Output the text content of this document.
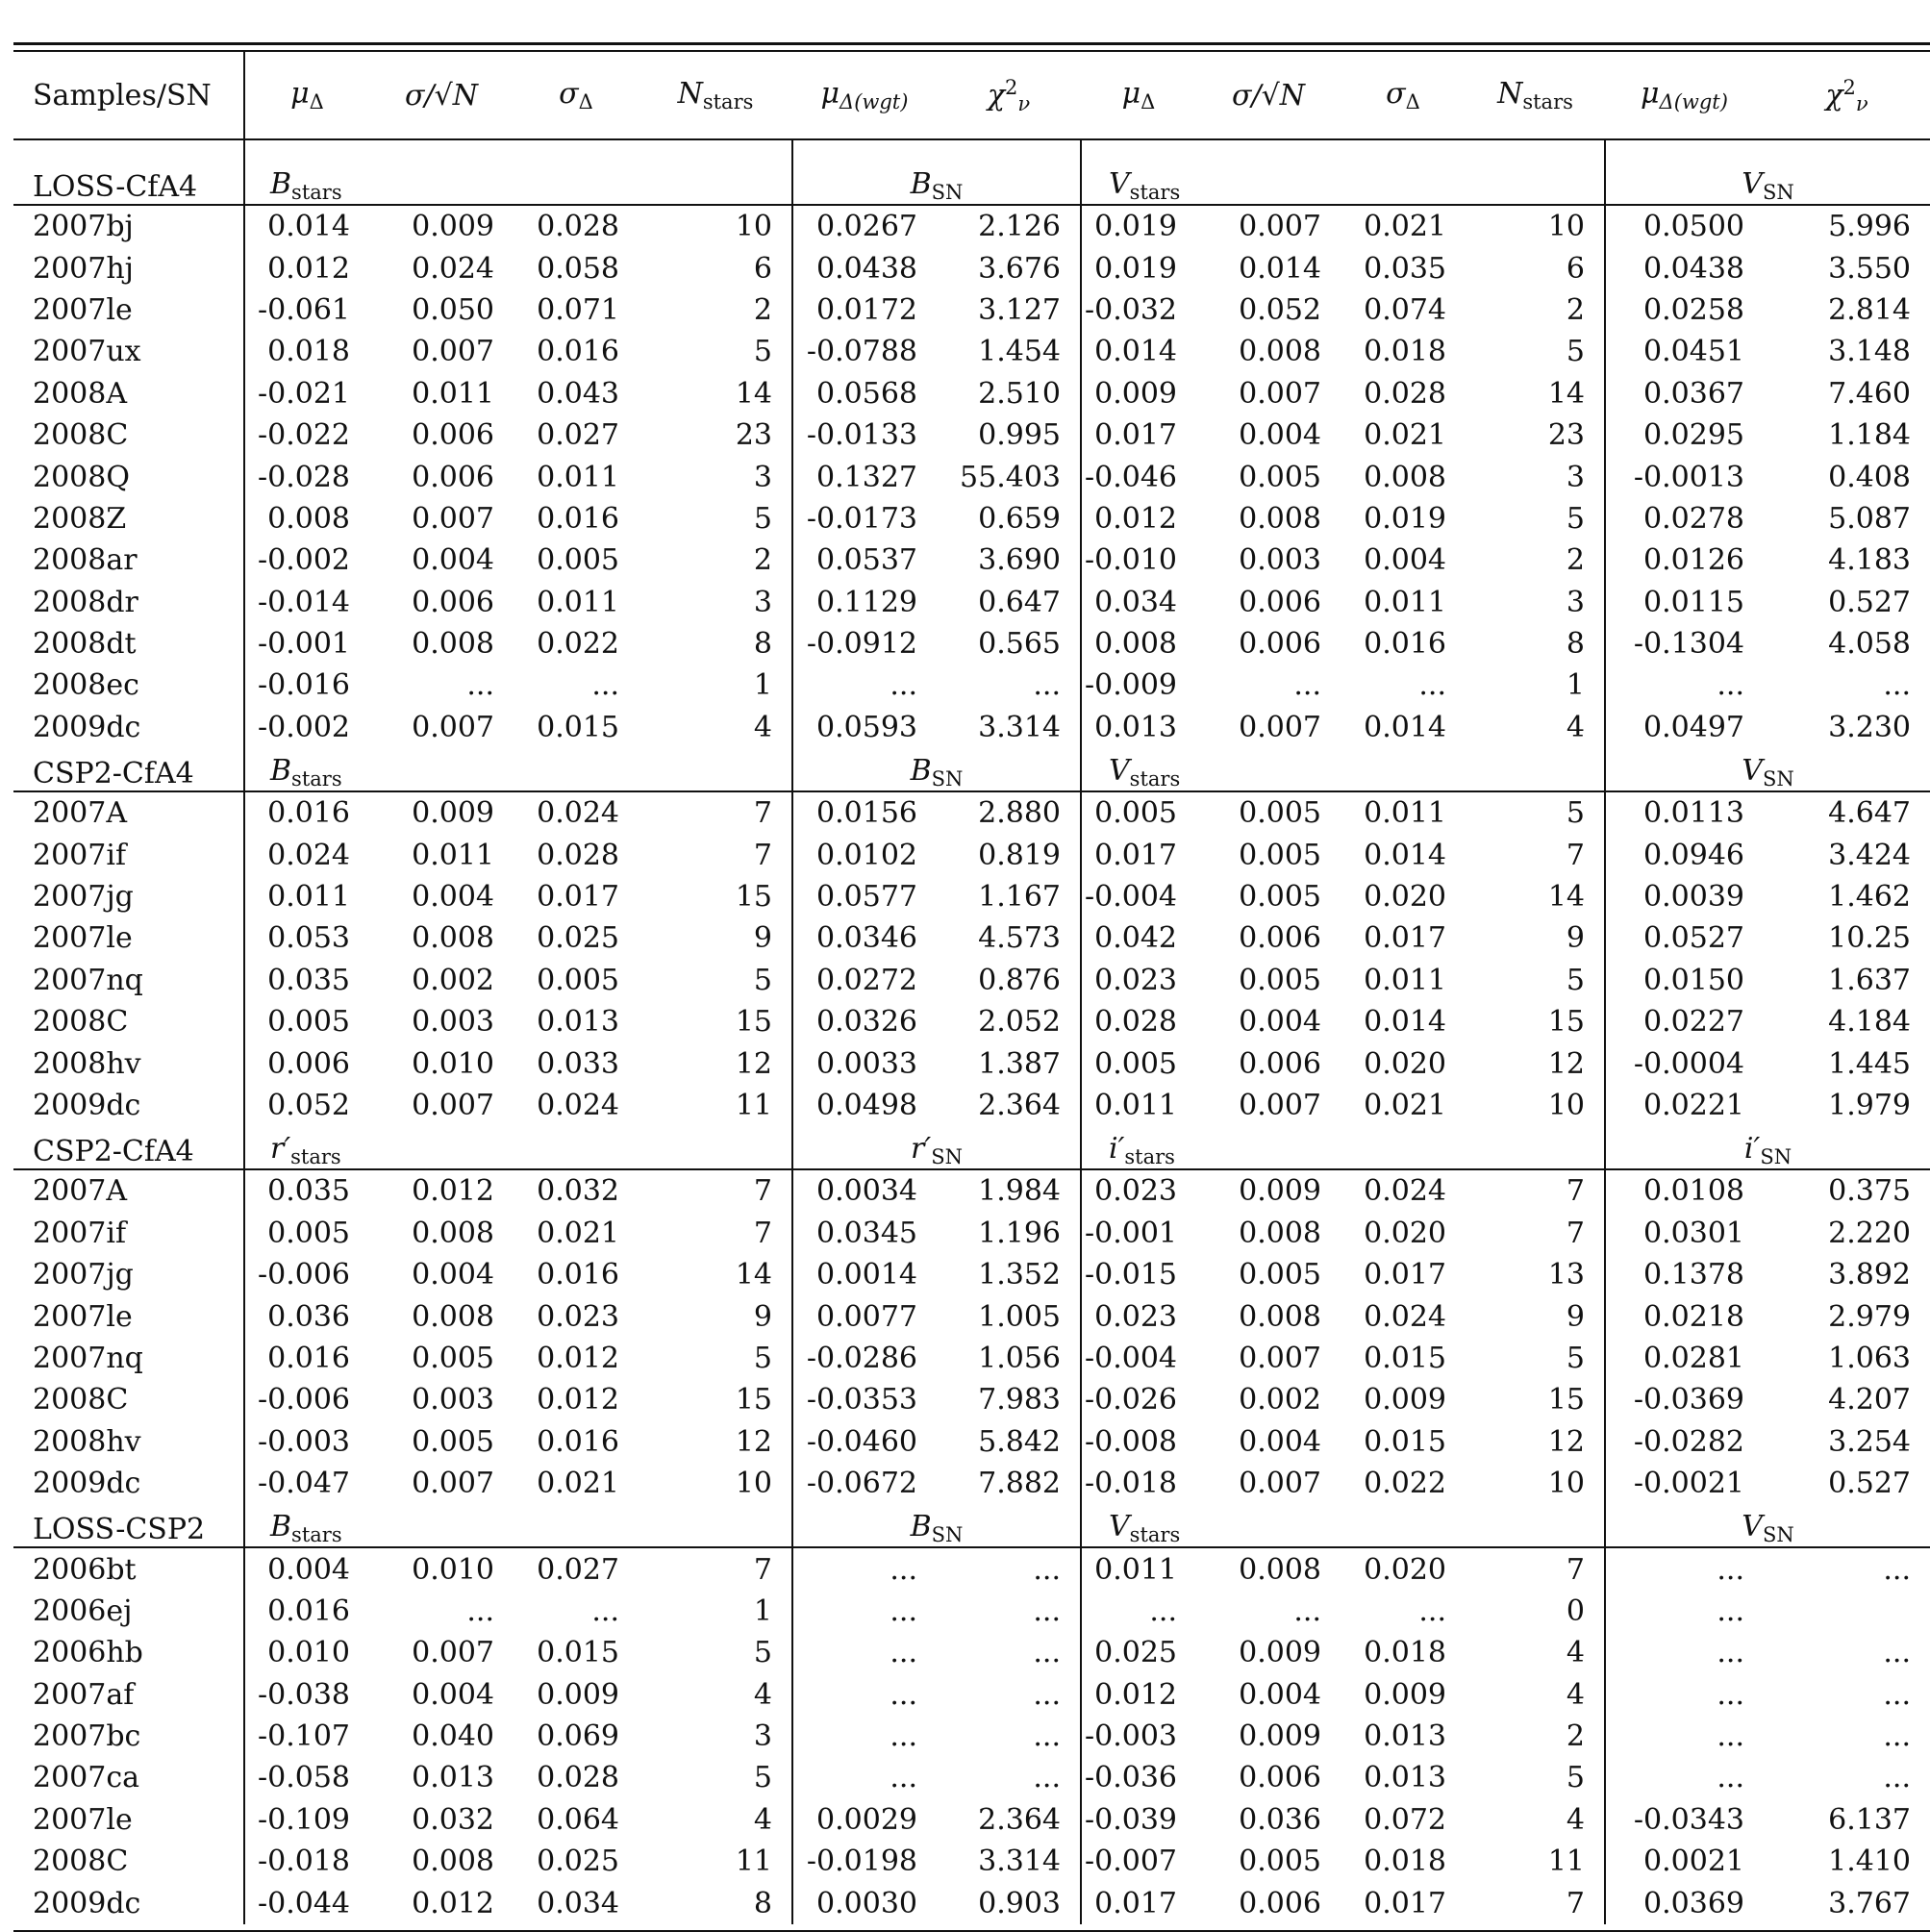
Samples/SN	$\mu_\Delta$	σ/√N	$\sigma_\Delta$	$N_{stars}$	$\mu_{\Delta(wgt)}$	$\chi^2_\nu$	$\mu_\Delta$	σ/√N	$\sigma_\Delta$	$N_{stars}$	$\mu_{\Delta(wgt)}$	$\chi^2_\nu$
LOSS-CfA4	$B_{stars}$				$B_{SN}$		$V_{stars}$				$V_{SN}$
2007bj	0.014	0.009	0.028	10	0.0267	2.126	0.019	0.007	0.021	10	0.0500	5.996
2007hj	0.012	0.024	0.058	6	0.0438	3.676	0.019	0.014	0.035	6	0.0438	3.550
2007le	-0.061	0.050	0.071	2	0.0172	3.127	-0.032	0.052	0.074	2	0.0258	2.814
2007ux	0.018	0.007	0.016	5	-0.0788	1.454	0.014	0.008	0.018	5	0.0451	3.148
2008A	-0.021	0.011	0.043	14	0.0568	2.510	0.009	0.007	0.028	14	0.0367	7.460
2008C	-0.022	0.006	0.027	23	-0.0133	0.995	0.017	0.004	0.021	23	0.0295	1.184
2008Q	-0.028	0.006	0.011	3	0.1327	55.403	-0.046	0.005	0.008	3	-0.0013	0.408
2008Z	0.008	0.007	0.016	5	-0.0173	0.659	0.012	0.008	0.019	5	0.0278	5.087
2008ar	-0.002	0.004	0.005	2	0.0537	3.690	-0.010	0.003	0.004	2	0.0126	4.183
2008dr	-0.014	0.006	0.011	3	0.1129	0.647	0.034	0.006	0.011	3	0.0115	0.527
2008dt	-0.001	0.008	0.022	8	-0.0912	0.565	0.008	0.006	0.016	8	-0.1304	4.058
2008ec	-0.016	...	...	1	...	...	-0.009	...	...	1	...	...
2009dc	-0.002	0.007	0.015	4	0.0593	3.314	0.013	0.007	0.014	4	0.0497	3.230
CSP2-CfA4	$B_{stars}$				$B_{SN}$		$V_{stars}$				$V_{SN}$
2007A	0.016	0.009	0.024	7	0.0156	2.880	0.005	0.005	0.011	5	0.0113	4.647
2007if	0.024	0.011	0.028	7	0.0102	0.819	0.017	0.005	0.014	7	0.0946	3.424
2007jg	0.011	0.004	0.017	15	0.0577	1.167	-0.004	0.005	0.020	14	0.0039	1.462
2007le	0.053	0.008	0.025	9	0.0346	4.573	0.042	0.006	0.017	9	0.0527	10.25
2007nq	0.035	0.002	0.005	5	0.0272	0.876	0.023	0.005	0.011	5	0.0150	1.637
2008C	0.005	0.003	0.013	15	0.0326	2.052	0.028	0.004	0.014	15	0.0227	4.184
2008hv	0.006	0.010	0.033	12	0.0033	1.387	0.005	0.006	0.020	12	-0.0004	1.445
2009dc	0.052	0.007	0.024	11	0.0498	2.364	0.011	0.007	0.021	10	0.0221	1.979
CSP2-CfA4	$r'_{stars}$				$r'_{SN}$		$i'_{stars}$				$i'_{SN}$
2007A	0.035	0.012	0.032	7	0.0034	1.984	0.023	0.009	0.024	7	0.0108	0.375
2007if	0.005	0.008	0.021	7	0.0345	1.196	-0.001	0.008	0.020	7	0.0301	2.220
2007jg	-0.006	0.004	0.016	14	0.0014	1.352	-0.015	0.005	0.017	13	0.1378	3.892
2007le	0.036	0.008	0.023	9	0.0077	1.005	0.023	0.008	0.024	9	0.0218	2.979
2007nq	0.016	0.005	0.012	5	-0.0286	1.056	-0.004	0.007	0.015	5	0.0281	1.063
2008C	-0.006	0.003	0.012	15	-0.0353	7.983	-0.026	0.002	0.009	15	-0.0369	4.207
2008hv	-0.003	0.005	0.016	12	-0.0460	5.842	-0.008	0.004	0.015	12	-0.0282	3.254
2009dc	-0.047	0.007	0.021	10	-0.0672	7.882	-0.018	0.007	0.022	10	-0.0021	0.527
LOSS-CSP2	$B_{stars}$				$B_{SN}$		$V_{stars}$				$V_{SN}$
2006bt	0.004	0.010	0.027	7	...	...	0.011	0.008	0.020	7	...	...
2006ej	0.016	...	...	1	...	...	...	...	...	0	...	
2006hb	0.010	0.007	0.015	5	...	...	0.025	0.009	0.018	4	...	...
2007af	-0.038	0.004	0.009	4	...	...	0.012	0.004	0.009	4	...	...
2007bc	-0.107	0.040	0.069	3	...	...	-0.003	0.009	0.013	2	...	...
2007ca	-0.058	0.013	0.028	5	...	...	-0.036	0.006	0.013	5	...	...
2007le	-0.109	0.032	0.064	4	0.0029	2.364	-0.039	0.036	0.072	4	-0.0343	6.137
2008C	-0.018	0.008	0.025	11	-0.0198	3.314	-0.007	0.005	0.018	11	0.0021	1.410
2009dc	-0.044	0.012	0.034	8	0.0030	0.903	0.017	0.006	0.017	7	0.0369	3.767
